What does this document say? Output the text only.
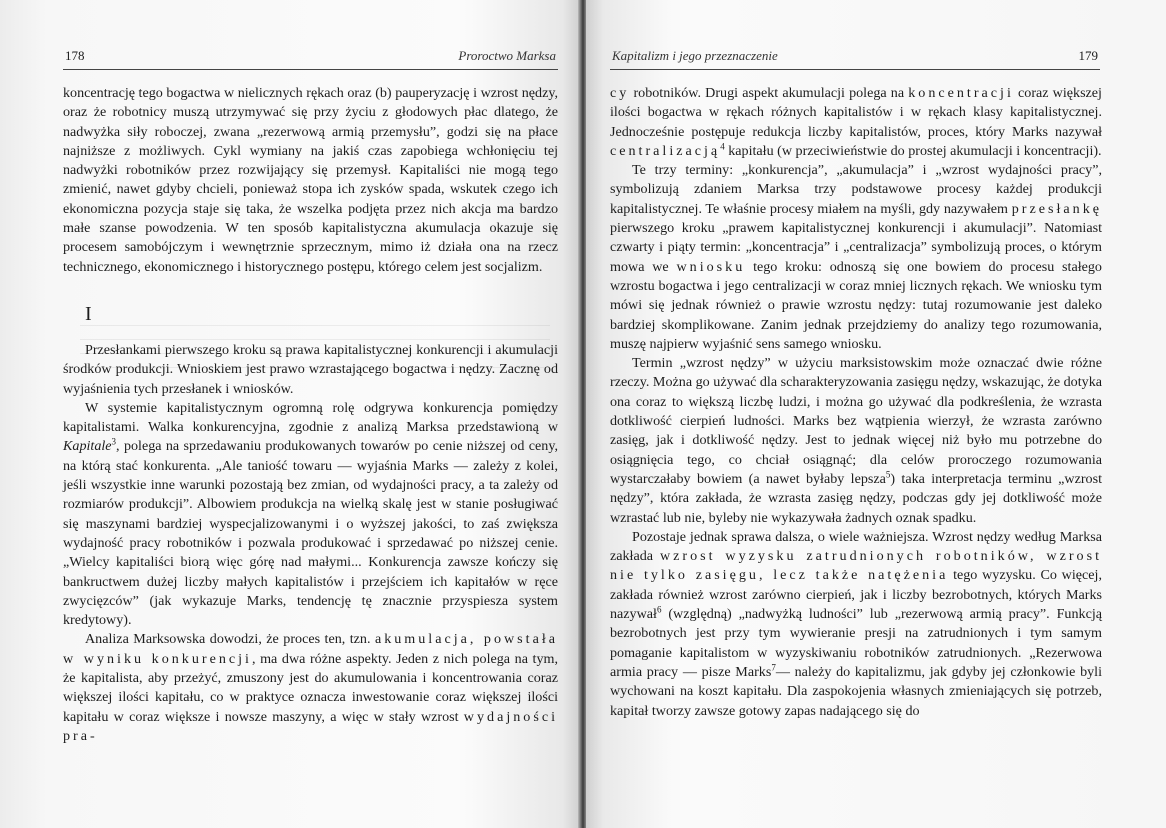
178	Proroctwo Marksa

koncentrację tego bogactwa w nielicznych rękach oraz (b) pauperyzację i wzrost nędzy, oraz że robotnicy muszą utrzymywać się przy życiu z głodowych płac dlatego, że nadwyżka siły roboczej, zwana „rezerwową armią przemysłu”, godzi się na płace najniższe z możliwych. Cykl wymiany na jakiś czas zapobiega wchłonięciu tej nadwyżki robotników przez rozwijający się przemysł. Kapitaliści nie mogą tego zmienić, nawet gdyby chcieli, ponieważ stopa ich zysków spada, wskutek czego ich ekonomiczna pozycja staje się taka, że wszelka podjęta przez nich akcja ma bardzo małe szanse powodzenia. W ten sposób kapitalistyczna akumulacja okazuje się procesem samobójczym i wewnętrznie sprzecznym, mimo iż działa ona na rzecz technicznego, ekonomicznego i historycznego postępu, którego celem jest socjalizm.

I

Przesłankami pierwszego kroku są prawa kapitalistycznej konkurencji i akumulacji środków produkcji. Wnioskiem jest prawo wzrastającego bogactwa i nędzy. Zacznę od wyjaśnienia tych przesłanek i wniosków.

W systemie kapitalistycznym ogromną rolę odgrywa konkurencja pomiędzy kapitalistami. Walka konkurencyjna, zgodnie z analizą Marksa przedstawioną w Kapitale$^3$, polega na sprzedawaniu produkowanych towarów po cenie niższej od ceny, na którą stać konkurenta. „Ale taniość towaru — wyjaśnia Marks — zależy z kolei, jeśli wszystkie inne warunki pozostają bez zmian, od wydajności pracy, a ta zależy od rozmiarów produkcji”. Albowiem produkcja na wielką skalę jest w stanie posługiwać się maszynami bardziej wyspecjalizowanymi i o wyższej jakości, to zaś zwiększa wydajność pracy robotników i pozwala produkować i sprzedawać po niższej cenie. „Wielcy kapitaliści biorą więc górę nad małymi... Konkurencja zawsze kończy się bankructwem dużej liczby małych kapitalistów i przejściem ich kapitałów w ręce zwycięzców” (jak wykazuje Marks, tendencję tę znacznie przyspiesza system kredytowy).

Analiza Marksowska dowodzi, że proces ten, tzn. akumulacja, powstała w wyniku konkurencji, ma dwa różne aspekty. Jeden z nich polega na tym, że kapitalista, aby przeżyć, zmuszony jest do akumulowania i koncentrowania coraz większej ilości kapitału, co w praktyce oznacza inwestowanie coraz większej ilości kapitału w coraz większe i nowsze maszyny, a więc w stały wzrost wydajności pra-

Kapitalizm i jego przeznaczenie	179

cy robotników. Drugi aspekt akumulacji polega na koncentracji coraz większej ilości bogactwa w rękach różnych kapitalistów i w rękach klasy kapitalistycznej. Jednocześnie postępuje redukcja liczby kapitalistów, proces, który Marks nazywał centralizacją$^4$ kapitału (w przeciwieństwie do prostej akumulacji i koncentracji).

Te trzy terminy: „konkurencja”, „akumulacja” i „wzrost wydajności pracy”, symbolizują zdaniem Marksa trzy podstawowe procesy każdej produkcji kapitalistycznej. Te właśnie procesy miałem na myśli, gdy nazywałem przesłankę pierwszego kroku „prawem kapitalistycznej konkurencji i akumulacji”. Natomiast czwarty i piąty termin: „koncentracja” i „centralizacja” symbolizują proces, o którym mowa we wniosku tego kroku: odnoszą się one bowiem do procesu stałego wzrostu bogactwa i jego centralizacji w coraz mniej licznych rękach. We wniosku tym mówi się jednak również o prawie wzrostu nędzy: tutaj rozumowanie jest daleko bardziej skomplikowane. Zanim jednak przejdziemy do analizy tego rozumowania, muszę najpierw wyjaśnić sens samego wniosku.

Termin „wzrost nędzy” w użyciu marksistowskim może oznaczać dwie różne rzeczy. Można go używać dla scharakteryzowania zasięgu nędzy, wskazując, że dotyka ona coraz to większą liczbę ludzi, i można go używać dla podkreślenia, że wzrasta dotkliwość cierpień ludności. Marks bez wątpienia wierzył, że wzrasta zarówno zasięg, jak i dotkliwość nędzy. Jest to jednak więcej niż było mu potrzebne do osiągnięcia tego, co chciał osiągnąć; dla celów proroczego rozumowania wystarczałaby bowiem (a nawet byłaby lepsza$^5$) taka interpretacja terminu „wzrost nędzy”, która zakłada, że wzrasta zasięg nędzy, podczas gdy jej dotkliwość może wzrastać lub nie, byleby nie wykazywała żadnych oznak spadku.

Pozostaje jednak sprawa dalsza, o wiele ważniejsza. Wzrost nędzy według Marksa zakłada wzrost wyzysku zatrudnionych robotników, wzrost nie tylko zasięgu, lecz także natężenia tego wyzysku. Co więcej, zakłada również wzrost zarówno cierpień, jak i liczby bezrobotnych, których Marks nazywał$^6$ (względną) „nadwyżką ludności” lub „rezerwową armią pracy”. Funkcją bezrobotnych jest przy tym wywieranie presji na zatrudnionych i tym samym pomaganie kapitalistom w wyzyskiwaniu robotników zatrudnionych. „Rezerwowa armia pracy — pisze Marks$^7$— należy do kapitalizmu, jak gdyby jej członkowie byli wychowani na koszt kapitału. Dla zaspokojenia własnych zmieniających się potrzeb, kapitał tworzy zawsze gotowy zapas nadającego się do
